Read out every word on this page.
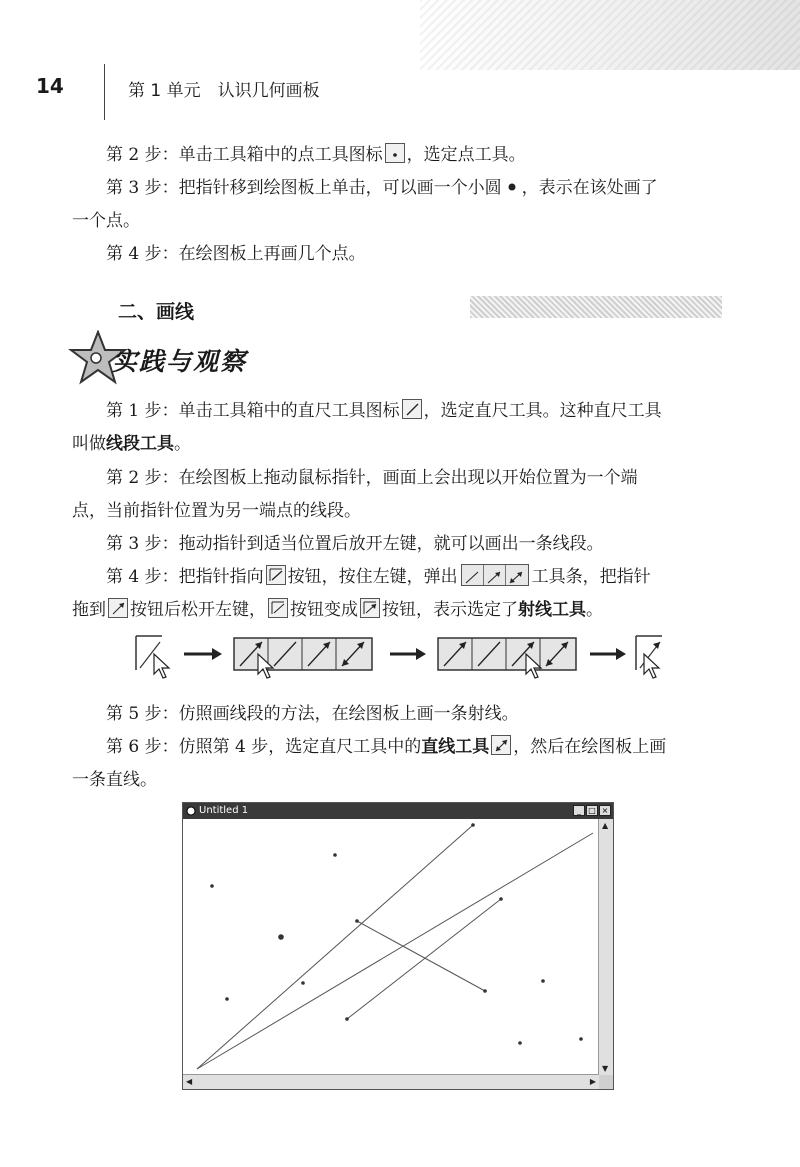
14	第 1 单元　认识几何画板
第 2 步：单击工具箱中的点工具图标 ，选定点工具。
第 3 步：把指针移到绘图板上单击，可以画一个小圆 ，表示在该处画了
一个点。
第 4 步：在绘图板上再画几个点。
二、画线
实践与观察
第 1 步：单击工具箱中的直尺工具图标 ，选定直尺工具。这种直尺工具
叫做线段工具。
第 2 步：在绘图板上拖动鼠标指针，画面上会出现以开始位置为一个端
点，当前指针位置为另一端点的线段。
第 3 步：拖动指针到适当位置后放开左键，就可以画出一条线段。
第 4 步：把指针指向 按钮，按住左键，弹出	工具条，把指针
拖到 按钮后松开左键， 按钮变成 按钮，表示选定了射线工具。
第 5 步：仿照画线段的方法，在绘图板上画一条射线。
第 6 步：仿照第 4 步，选定直尺工具中的直线工具 ，然后在绘图板上画
一条直线。
Untitled 1	_ □ ×
▲
▼
◀	▶
